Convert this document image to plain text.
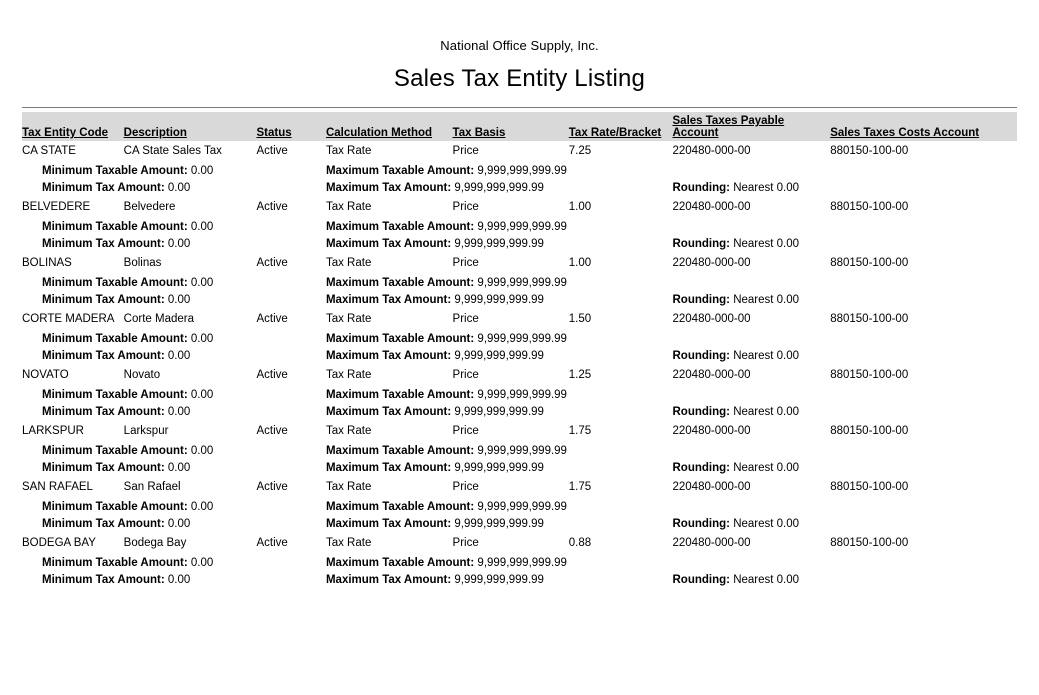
National Office Supply, Inc.
Sales Tax Entity Listing
Tax Entity Code	Description	Status	Calculation Method	Tax Basis	Tax Rate/Bracket	Sales Taxes Payable Account	Sales Taxes Costs Account
CA STATE	CA State Sales Tax	Active	Tax Rate	Price	7.25	220480-000-00	880150-100-00
Minimum Taxable Amount: 0.00			Maximum Taxable Amount: 9,999,999,999.99				
Minimum Tax Amount: 0.00			Maximum Tax Amount: 9,999,999,999.99			Rounding: Nearest 0.00	
BELVEDERE	Belvedere	Active	Tax Rate	Price	1.00	220480-000-00	880150-100-00
Minimum Taxable Amount: 0.00			Maximum Taxable Amount: 9,999,999,999.99				
Minimum Tax Amount: 0.00			Maximum Tax Amount: 9,999,999,999.99			Rounding: Nearest 0.00	
BOLINAS	Bolinas	Active	Tax Rate	Price	1.00	220480-000-00	880150-100-00
Minimum Taxable Amount: 0.00			Maximum Taxable Amount: 9,999,999,999.99				
Minimum Tax Amount: 0.00			Maximum Tax Amount: 9,999,999,999.99			Rounding: Nearest 0.00	
CORTE MADERA	Corte Madera	Active	Tax Rate	Price	1.50	220480-000-00	880150-100-00
Minimum Taxable Amount: 0.00			Maximum Taxable Amount: 9,999,999,999.99				
Minimum Tax Amount: 0.00			Maximum Tax Amount: 9,999,999,999.99			Rounding: Nearest 0.00	
NOVATO	Novato	Active	Tax Rate	Price	1.25	220480-000-00	880150-100-00
Minimum Taxable Amount: 0.00			Maximum Taxable Amount: 9,999,999,999.99				
Minimum Tax Amount: 0.00			Maximum Tax Amount: 9,999,999,999.99			Rounding: Nearest 0.00	
LARKSPUR	Larkspur	Active	Tax Rate	Price	1.75	220480-000-00	880150-100-00
Minimum Taxable Amount: 0.00			Maximum Taxable Amount: 9,999,999,999.99				
Minimum Tax Amount: 0.00			Maximum Tax Amount: 9,999,999,999.99			Rounding: Nearest 0.00	
SAN RAFAEL	San Rafael	Active	Tax Rate	Price	1.75	220480-000-00	880150-100-00
Minimum Taxable Amount: 0.00			Maximum Taxable Amount: 9,999,999,999.99				
Minimum Tax Amount: 0.00			Maximum Tax Amount: 9,999,999,999.99			Rounding: Nearest 0.00	
BODEGA BAY	Bodega Bay	Active	Tax Rate	Price	0.88	220480-000-00	880150-100-00
Minimum Taxable Amount: 0.00			Maximum Taxable Amount: 9,999,999,999.99				
Minimum Tax Amount: 0.00			Maximum Tax Amount: 9,999,999,999.99			Rounding: Nearest 0.00	
